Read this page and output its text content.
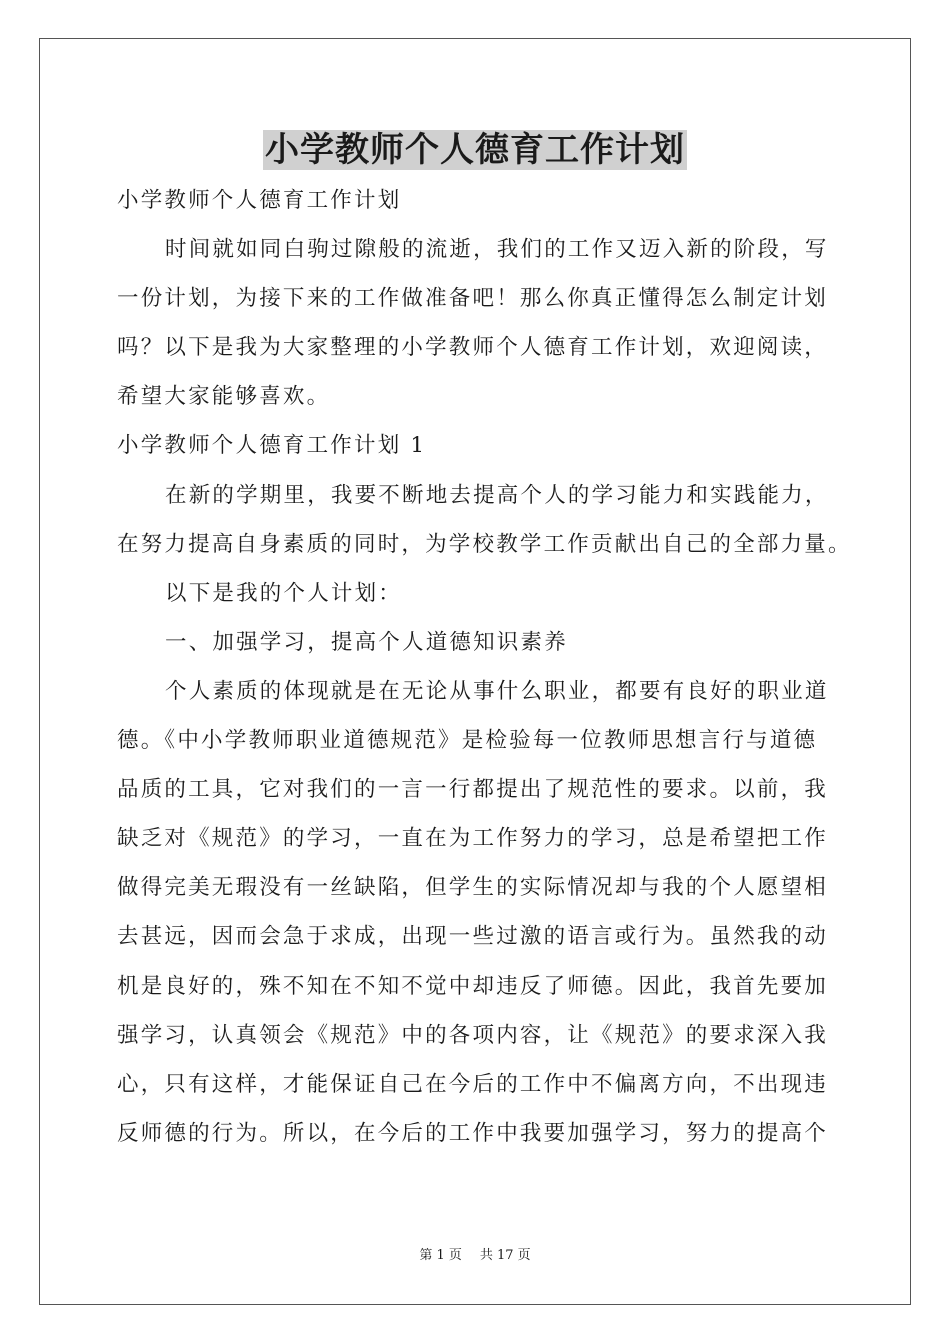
小学教师个人德育工作计划
小学教师个人德育工作计划
时间就如同白驹过隙般的流逝，我们的工作又迈入新的阶段，写
一份计划，为接下来的工作做准备吧！那么你真正懂得怎么制定计划
吗？以下是我为大家整理的小学教师个人德育工作计划，欢迎阅读，
希望大家能够喜欢。
小学教师个人德育工作计划 1
在新的学期里，我要不断地去提高个人的学习能力和实践能力，
在努力提高自身素质的同时，为学校教学工作贡献出自己的全部力量。
以下是我的个人计划：
一、加强学习，提高个人道德知识素养
个人素质的体现就是在无论从事什么职业，都要有良好的职业道
德。《中小学教师职业道德规范》是检验每一位教师思想言行与道德
品质的工具，它对我们的一言一行都提出了规范性的要求。以前，我
缺乏对《规范》的学习，一直在为工作努力的学习，总是希望把工作
做得完美无瑕没有一丝缺陷，但学生的实际情况却与我的个人愿望相
去甚远，因而会急于求成，出现一些过激的语言或行为。虽然我的动
机是良好的，殊不知在不知不觉中却违反了师德。因此，我首先要加
强学习，认真领会《规范》中的各项内容，让《规范》的要求深入我
心，只有这样，才能保证自己在今后的工作中不偏离方向，不出现违
反师德的行为。所以，在今后的工作中我要加强学习，努力的提高个
第 1 页 共 17 页
